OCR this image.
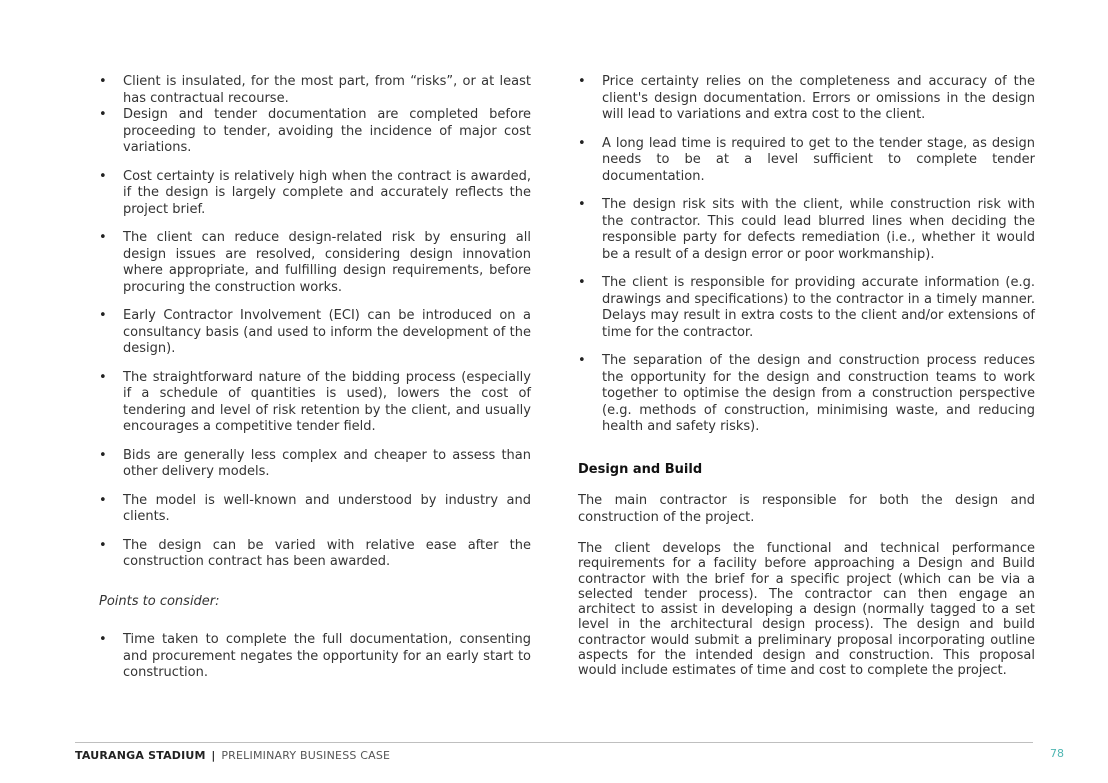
• Client is insulated, for the most part, from “risks”, or at least has contractual recourse.
• Design and tender documentation are completed before proceeding to tender, avoiding the incidence of major cost variations.
• Cost certainty is relatively high when the contract is awarded, if the design is largely complete and accurately reflects the project brief.
• The client can reduce design-related risk by ensuring all design issues are resolved, considering design innovation where appropriate, and fulfilling design requirements, before procuring the construction works.
• Early Contractor Involvement (ECI) can be introduced on a consultancy basis (and used to inform the development of the design).
• The straightforward nature of the bidding process (especially if a schedule of quantities is used), lowers the cost of tendering and level of risk retention by the client, and usually encourages a competitive tender field.
• Bids are generally less complex and cheaper to assess than other delivery models.
• The model is well-known and understood by industry and clients.
• The design can be varied with relative ease after the construction contract has been awarded.
Points to consider:
• Time taken to complete the full documentation, consenting and procurement negates the opportunity for an early start to construction.
• Price certainty relies on the completeness and accuracy of the client's design documentation. Errors or omissions in the design will lead to variations and extra cost to the client.
• A long lead time is required to get to the tender stage, as design needs to be at a level sufficient to complete tender documentation.
• The design risk sits with the client, while construction risk with the contractor. This could lead blurred lines when deciding the responsible party for defects remediation (i.e., whether it would be a result of a design error or poor workmanship).
• The client is responsible for providing accurate information (e.g. drawings and specifications) to the contractor in a timely manner. Delays may result in extra costs to the client and/or extensions of time for the contractor.
• The separation of the design and construction process reduces the opportunity for the design and construction teams to work together to optimise the design from a construction perspective (e.g. methods of construction, minimising waste, and reducing health and safety risks).
Design and Build

The main contractor is responsible for both the design and construction of the project.

The client develops the functional and technical performance requirements for a facility before approaching a Design and Build contractor with the brief for a specific project (which can be via a selected tender process). The contractor can then engage an architect to assist in developing a design (normally tagged to a set level in the architectural design process). The design and build contractor would submit a preliminary proposal incorporating outline aspects for the intended design and construction. This proposal would include estimates of time and cost to complete the project.

TAURANGA STADIUM | PRELIMINARY BUSINESS CASE	78
